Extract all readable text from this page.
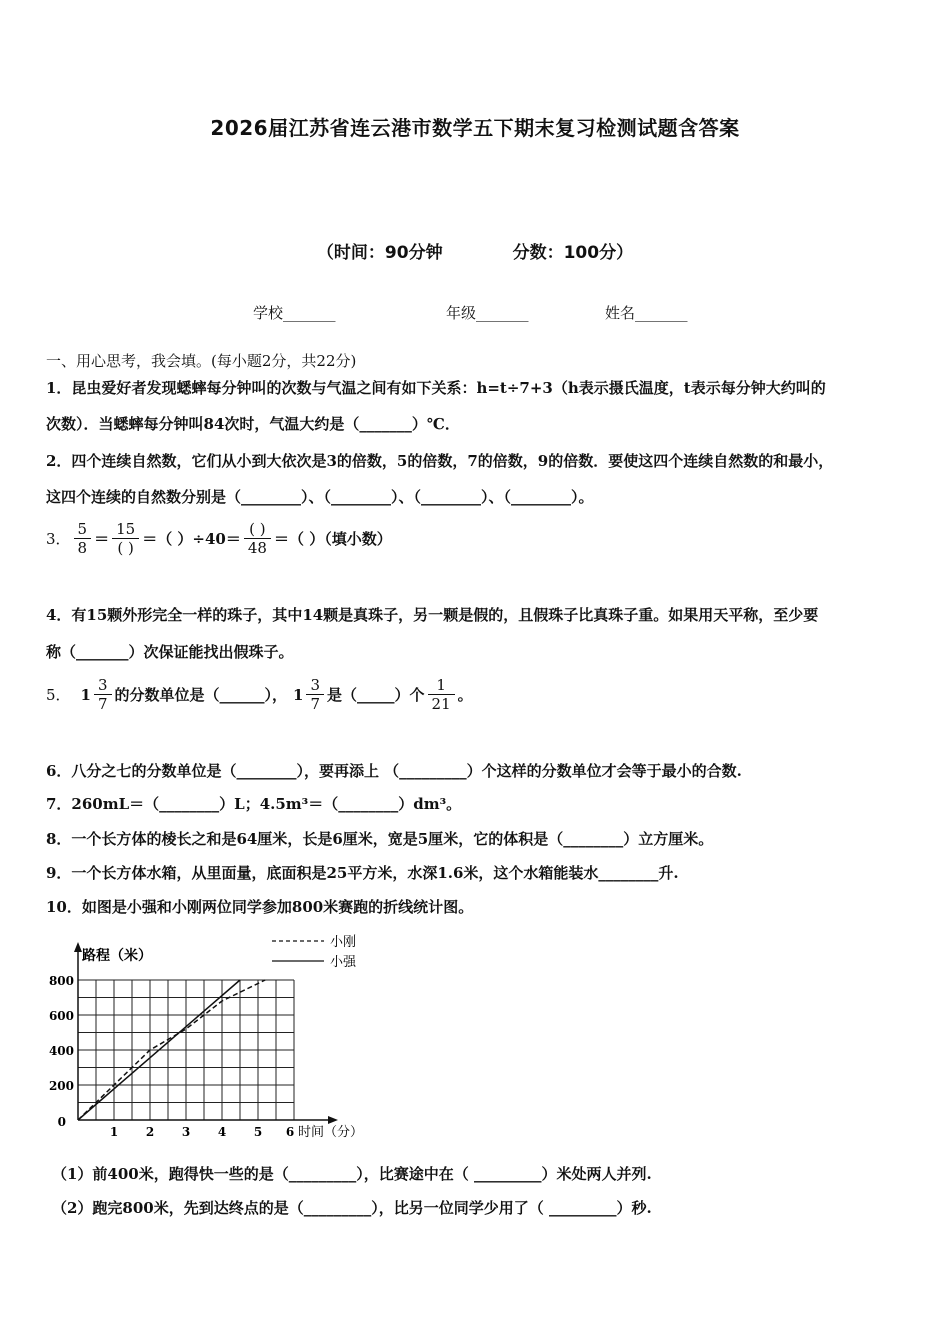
2026届江苏省连云港市数学五下期末复习检测试题含答案
（时间：90分钟	分数：100分）
学校_______	年级_______	姓名_______
一、用心思考，我会填。(每小题2分，共22分)
1．昆虫爱好者发现蟋蟀每分钟叫的次数与气温之间有如下关系：h=t÷7+3（h表示摄氏温度，t表示每分钟大约叫的
次数）．当蟋蟀每分钟叫84次时，气温大约是（_______）℃．
2．四个连续自然数，它们从小到大依次是3的倍数，5的倍数，7的倍数，9的倍数．要使这四个连续自然数的和最小，
这四个连续的自然数分别是（________）、（________）、（________）、（________）。
3． $\frac{5}{8} = \frac{15}{( )}$ ＝（ ）$\div 40= \frac{( )}{48}$ ＝（ ）（填小数）
4．有15颗外形完全一样的珠子，其中14颗是真珠子，另一颗是假的，且假珠子比真珠子重。如果用天平称，至少要
称（_______）次保证能找出假珠子。
5． $1 \frac{3}{7}$ 的分数单位是（______）， $1 \frac{3}{7}$ 是（_____）个 $\frac{1}{21}$ 。
6．八分之七的分数单位是（________），要再添上 （_________）个这样的分数单位才会等于最小的合数.
7．260mL＝（________）L；4.5m³＝（________）dm³。
8．一个长方体的棱长之和是64厘米，长是6厘米，宽是5厘米，它的体积是（________）立方厘米。
9．一个长方体水箱，从里面量，底面积是25平方米，水深1.6米，这个水箱能装水________升.
10．如图是小强和小刚两位同学参加800米赛跑的折线统计图。
路程（米）
200
400
600
800
0
1 2 3 4 5 6 时间（分）
小刚
小强
（1）前400米，跑得快一些的是（_________），比赛途中在（ _________）米处两人并列.
（2）跑完800米，先到达终点的是（_________），比另一位同学少用了（ _________）秒.
